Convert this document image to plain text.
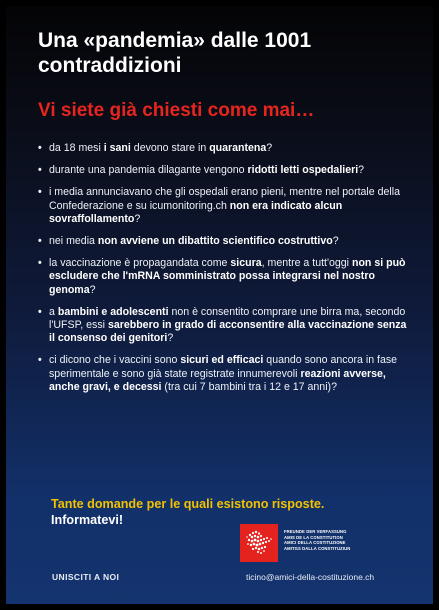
Una «pandemia» dalle 1001 contraddizioni
Vi siete già chiesti come mai…
• da 18 mesi i sani devono stare in quarantena?
• durante una pandemia dilagante vengono ridotti letti ospedalieri?
• i media annunciavano che gli ospedali erano pieni, mentre nel portale della Confederazione e su icumonitoring.ch non era indicato alcun sovraffollamento?
• nei media non avviene un dibattito scientifico costruttivo?
• la vaccinazione è propagandata come sicura, mentre a tutt'oggi non si può escludere che l'mRNA somministrato possa integrarsi nel nostro genoma?
• a bambini e adolescenti non è consentito comprare une birra ma, secondo l'UFSP, essi sarebbero in grado di acconsentire alla vaccinazione senza il consenso dei genitori?
• ci dicono che i vaccini sono sicuri ed efficaci quando sono ancora in fase sperimentale e sono già state registrate innumerevoli reazioni avverse, anche gravi, e decessi (tra cui 7 bambini tra i 12 e 17 anni)?
Tante domande per le quali esistono risposte.
Informatevi!
UNISCITI A NOI
FREUNDE DER VERFASSUNG
AMIS DE LA CONSTITUTION
AMICI DELLA COSTITUZIONE
AMITGS DALLA CONSTITUZIUN
ticino@amici-della-costituzione.ch
